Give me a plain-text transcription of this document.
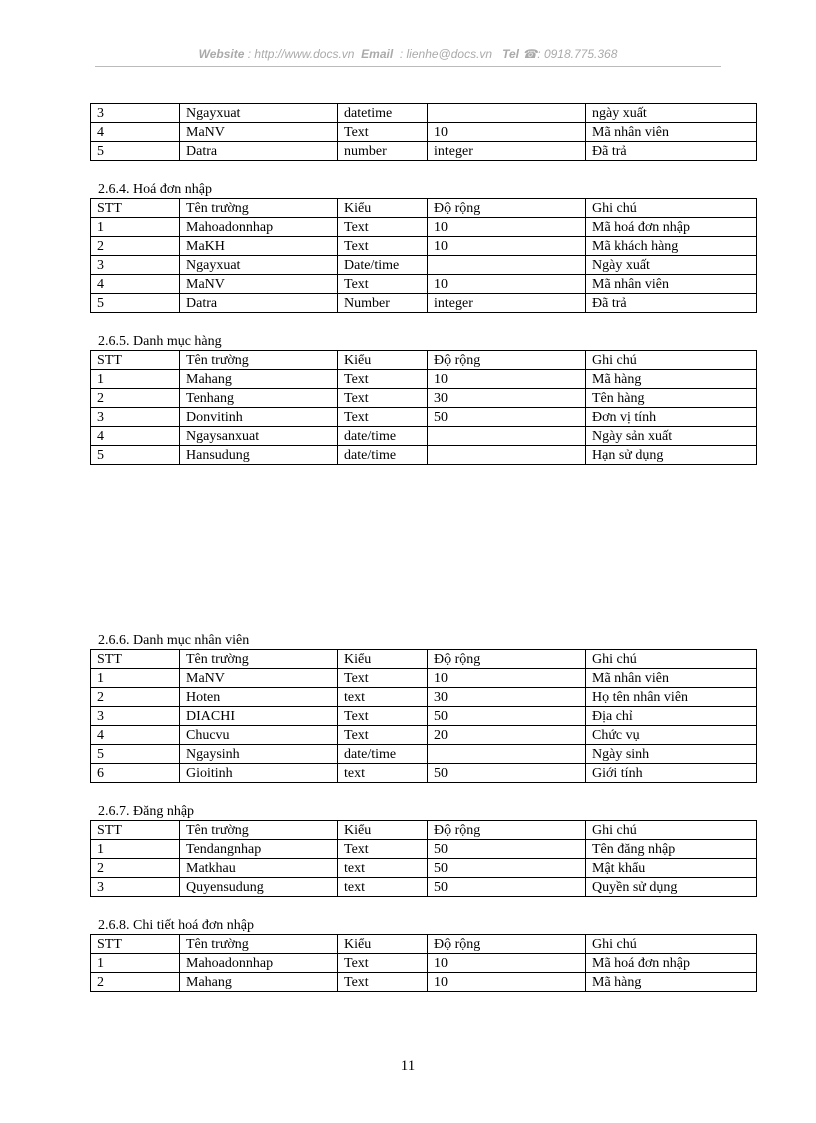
Website : http://www.docs.vn Email : lienhe@docs.vn Tel ☎: 0918.775.368
3	Ngayxuat	datetime		ngày xuất
4	MaNV	Text	10	Mã nhân viên
5	Datra	number	integer	Đã trả
2.6.4. Hoá đơn nhập
STT	Tên trường	Kiểu	Độ rộng	Ghi chú
1	Mahoadonnhap	Text	10	Mã hoá đơn nhập
2	MaKH	Text	10	Mã khách hàng
3	Ngayxuat	Date/time		Ngày xuất
4	MaNV	Text	10	Mã nhân viên
5	Datra	Number	integer	Đã trả
2.6.5. Danh mục hàng
STT	Tên trường	Kiểu	Độ rộng	Ghi chú
1	Mahang	Text	10	Mã hàng
2	Tenhang	Text	30	Tên hàng
3	Donvitinh	Text	50	Đơn vị tính
4	Ngaysanxuat	date/time		Ngày sản xuất
5	Hansudung	date/time		Hạn sử dụng
2.6.6. Danh mục nhân viên
STT	Tên trường	Kiểu	Độ rộng	Ghi chú
1	MaNV	Text	10	Mã nhân viên
2	Hoten	text	30	Họ tên nhân viên
3	DIACHI	Text	50	Địa chỉ
4	Chucvu	Text	20	Chức vụ
5	Ngaysinh	date/time		Ngày sinh
6	Gioitinh	text	50	Giới tính
2.6.7. Đăng nhập
STT	Tên trường	Kiểu	Độ rộng	Ghi chú
1	Tendangnhap	Text	50	Tên đăng nhập
2	Matkhau	text	50	Mật khẩu
3	Quyensudung	text	50	Quyền sử dụng
2.6.8. Chi tiết hoá đơn nhập
STT	Tên trường	Kiểu	Độ rộng	Ghi chú
1	Mahoadonnhap	Text	10	Mã hoá đơn nhập
2	Mahang	Text	10	Mã hàng
11
